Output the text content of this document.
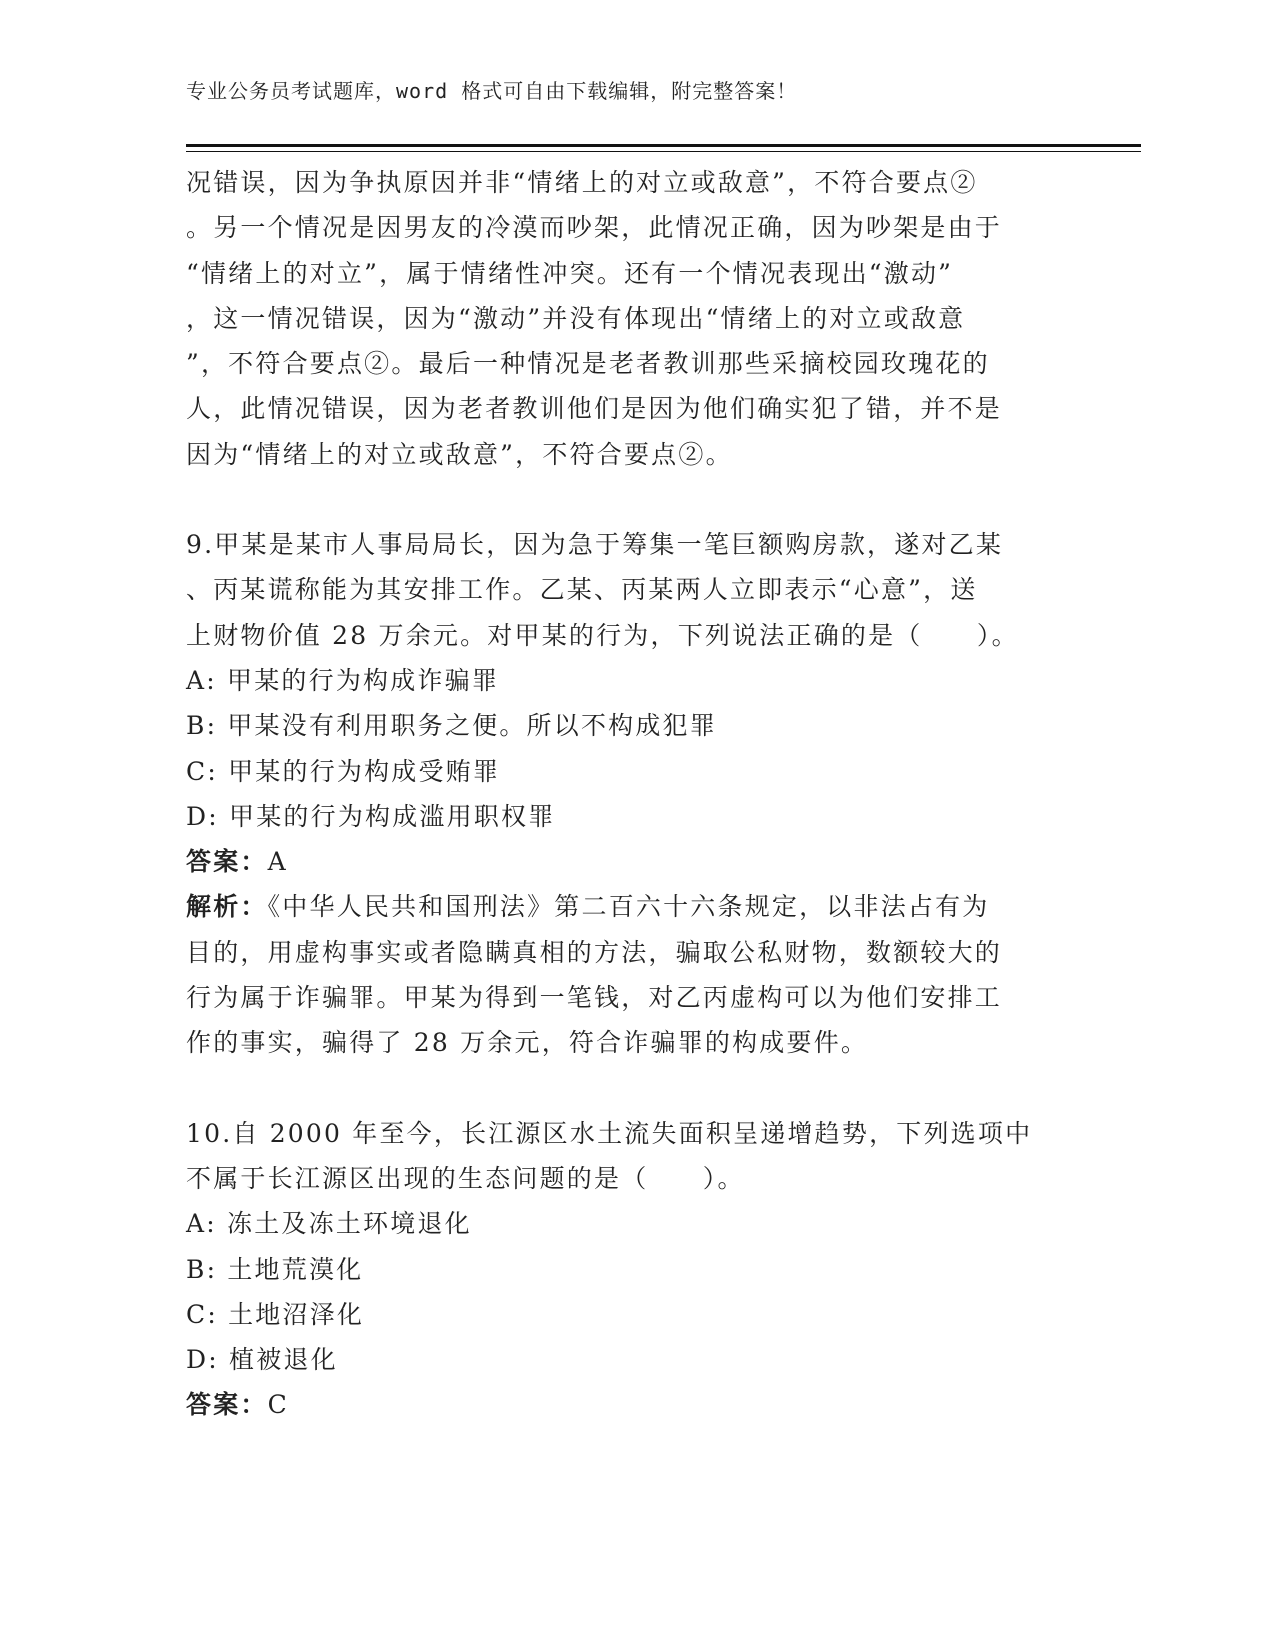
专业公务员考试题库，word 格式可自由下载编辑，附完整答案！

况错误，因为争执原因并非“情绪上的对立或敌意”，不符合要点②
。另一个情况是因男友的冷漠而吵架，此情况正确，因为吵架是由于
“情绪上的对立”，属于情绪性冲突。还有一个情况表现出“激动”
，这一情况错误，因为“激动”并没有体现出“情绪上的对立或敌意
”，不符合要点②。最后一种情况是老者教训那些采摘校园玫瑰花的
人，此情况错误，因为老者教训他们是因为他们确实犯了错，并不是
因为“情绪上的对立或敌意”，不符合要点②。

9.甲某是某市人事局局长，因为急于筹集一笔巨额购房款，遂对乙某
、丙某谎称能为其安排工作。乙某、丙某两人立即表示“心意”，送
上财物价值 28 万余元。对甲某的行为，下列说法正确的是（　　）。

A: 甲某的行为构成诈骗罪

B: 甲某没有利用职务之便。所以不构成犯罪

C: 甲某的行为构成受贿罪

D: 甲某的行为构成滥用职权罪

答案：A

解析：《中华人民共和国刑法》第二百六十六条规定，以非法占有为
目的，用虚构事实或者隐瞒真相的方法，骗取公私财物，数额较大的
行为属于诈骗罪。甲某为得到一笔钱，对乙丙虚构可以为他们安排工
作的事实，骗得了 28 万余元，符合诈骗罪的构成要件。

10.自 2000 年至今，长江源区水土流失面积呈递增趋势，下列选项中
不属于长江源区出现的生态问题的是（　　）。

A: 冻土及冻土环境退化

B: 土地荒漠化

C: 土地沼泽化

D: 植被退化

答案：C
